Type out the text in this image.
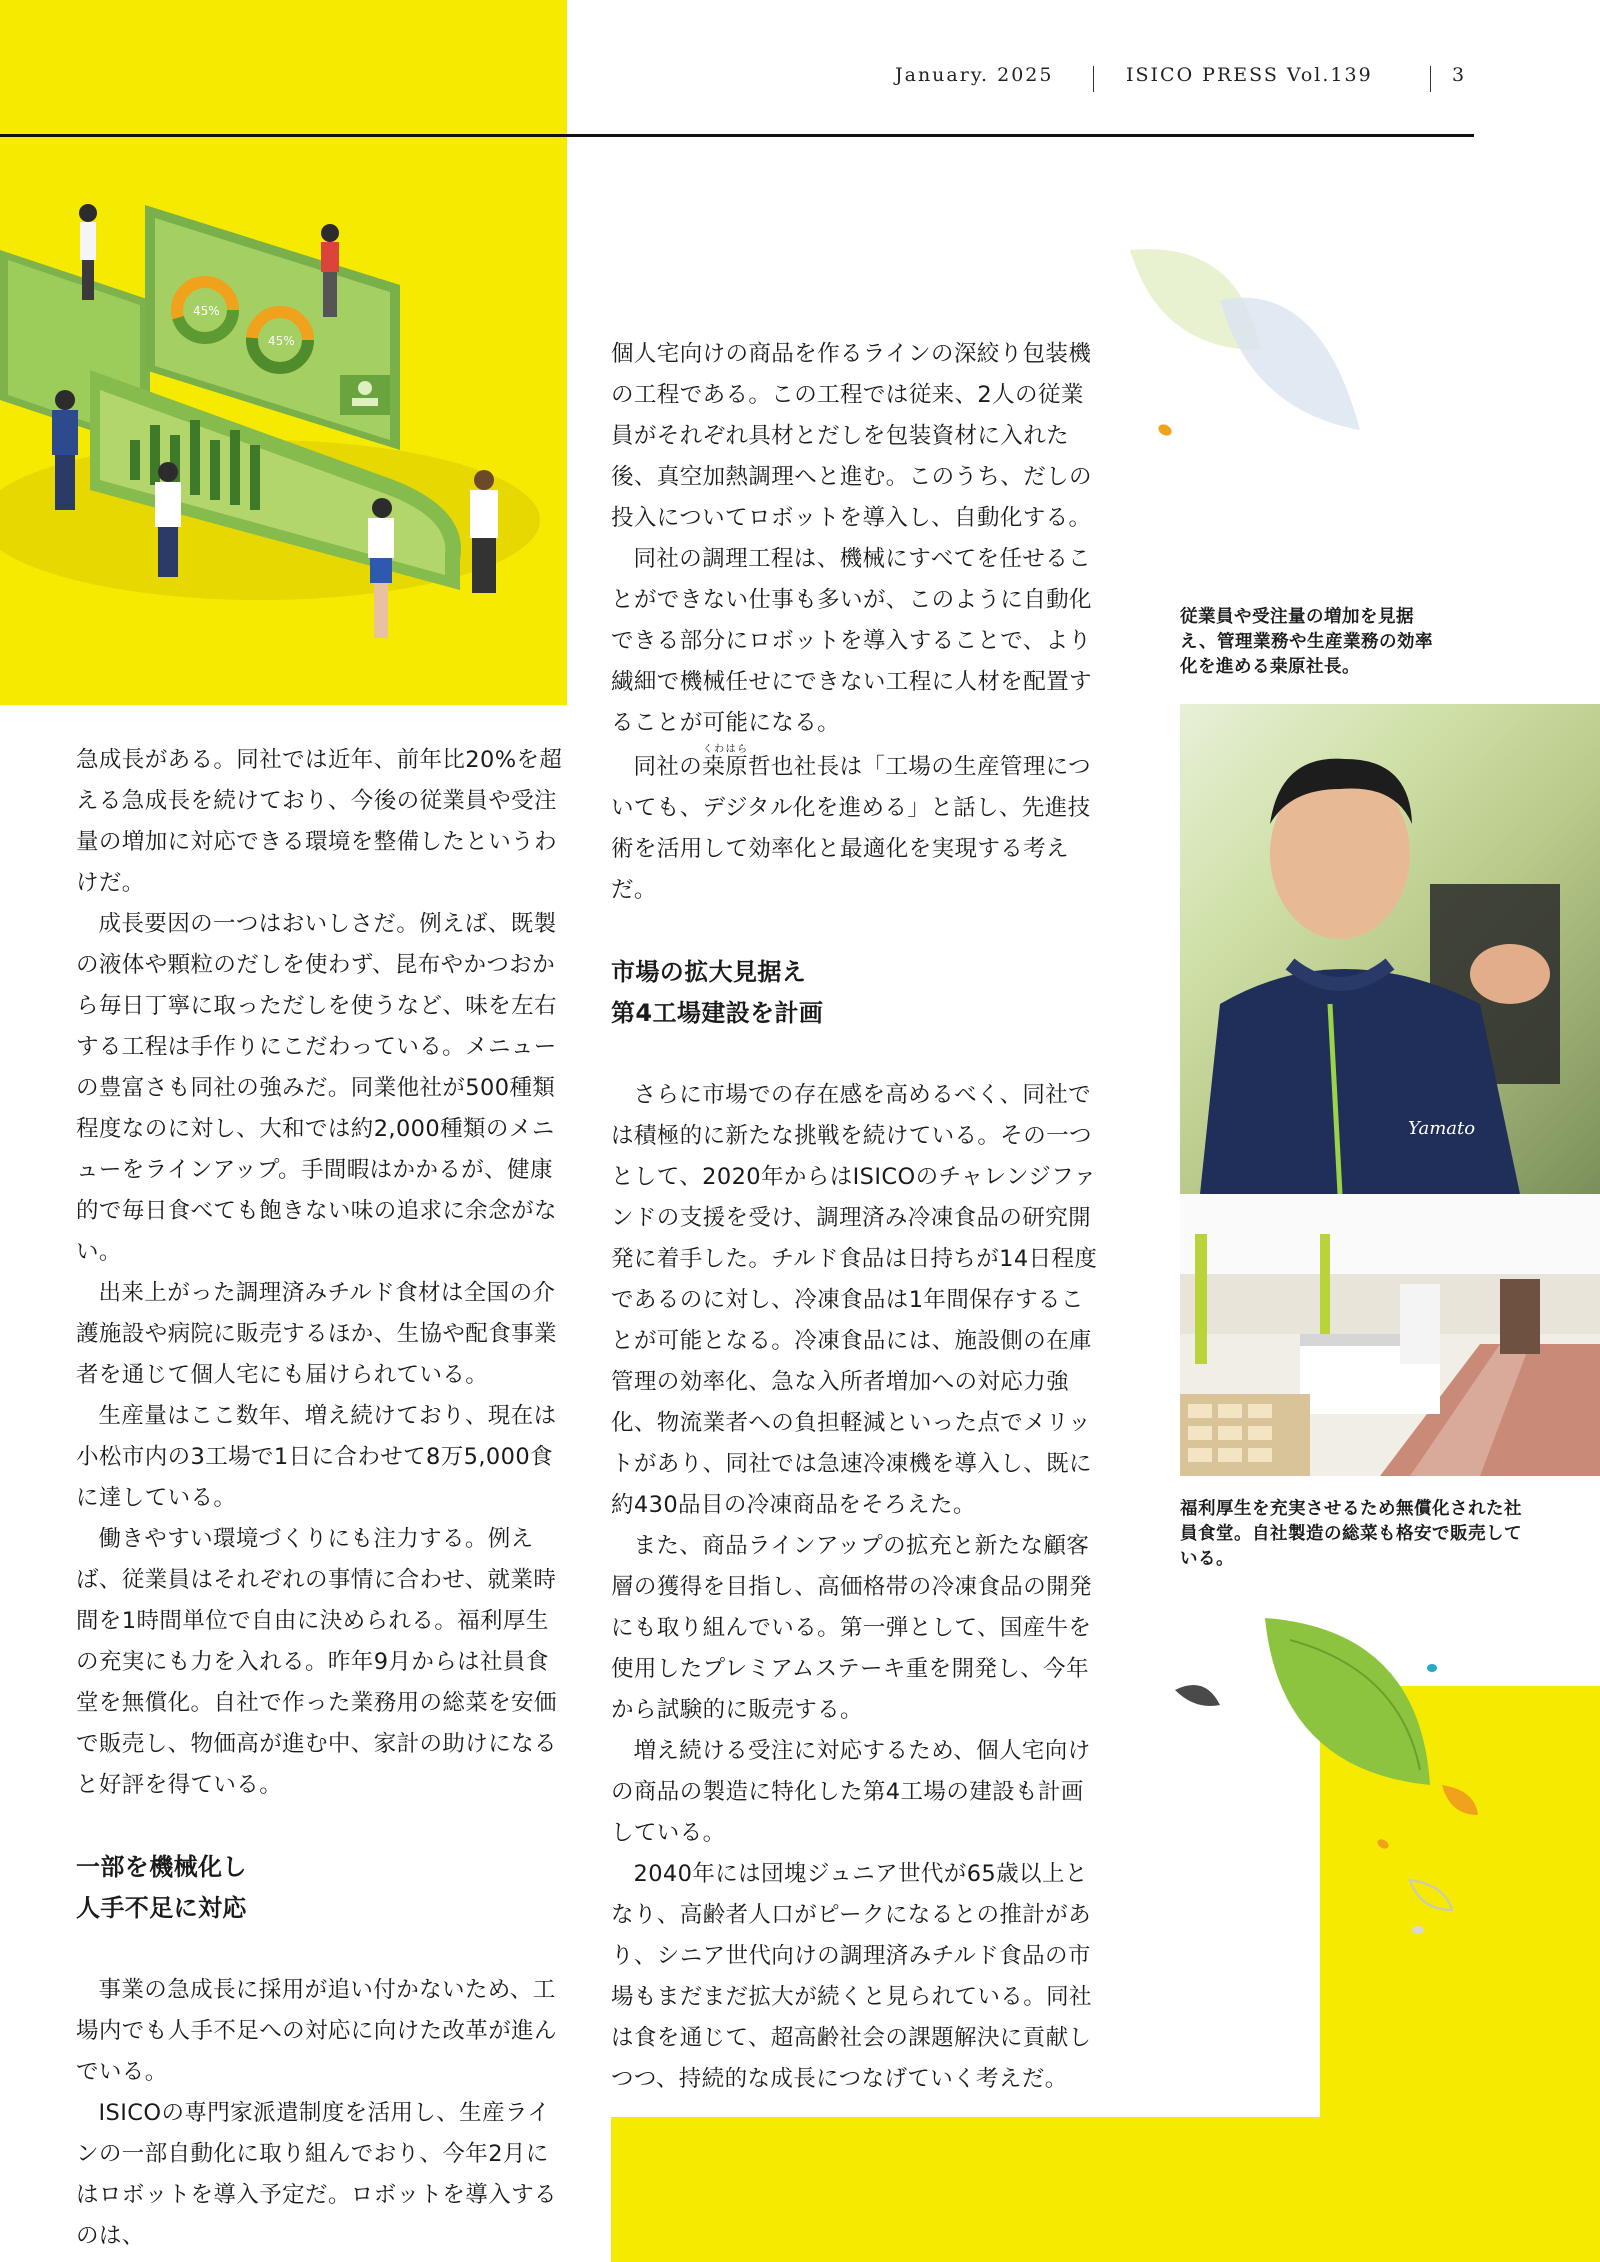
45%
45%
January. 2025	ISICO PRESS Vol.139	3

急成長がある。同社では近年、前年比20%を超える急成長を続けており、今後の従業員や受注量の増加に対応できる環境を整備したというわけだ。

成長要因の一つはおいしさだ。例えば、既製の液体や顆粒のだしを使わず、昆布やかつおから毎日丁寧に取っただしを使うなど、味を左右する工程は手作りにこだわっている。メニューの豊富さも同社の強みだ。同業他社が500種類程度なのに対し、大和では約2,000種類のメニューをラインアップ。手間暇はかかるが、健康的で毎日食べても飽きない味の追求に余念がない。

出来上がった調理済みチルド食材は全国の介護施設や病院に販売するほか、生協や配食事業者を通じて個人宅にも届けられている。

生産量はここ数年、増え続けており、現在は小松市内の3工場で1日に合わせて8万5,000食に達している。

働きやすい環境づくりにも注力する。例えば、従業員はそれぞれの事情に合わせ、就業時間を1時間単位で自由に決められる。福利厚生の充実にも力を入れる。昨年9月からは社員食堂を無償化。自社で作った業務用の総菜を安価で販売し、物価高が進む中、家計の助けになると好評を得ている。

一部を機械化し
人手不足に対応

事業の急成長に採用が追い付かないため、工場内でも人手不足への対応に向けた改革が進んでいる。

ISICOの専門家派遣制度を活用し、生産ラインの一部自動化に取り組んでおり、今年2月にはロボットを導入予定だ。ロボットを導入するのは、

個人宅向けの商品を作るラインの深絞り包装機の工程である。この工程では従来、2人の従業員がそれぞれ具材とだしを包装資材に入れた後、真空加熱調理へと進む。このうち、だしの投入についてロボットを導入し、自動化する。

同社の調理工程は、機械にすべてを任せることができない仕事も多いが、このように自動化できる部分にロボットを導入することで、より繊細で機械任せにできない工程に人材を配置することが可能になる。

同社の桒原くわはら哲也社長は「工場の生産管理についても、デジタル化を進める」と話し、先進技術を活用して効率化と最適化を実現する考えだ。

市場の拡大見据え
第4工場建設を計画

さらに市場での存在感を高めるべく、同社では積極的に新たな挑戦を続けている。その一つとして、2020年からはISICOのチャレンジファンドの支援を受け、調理済み冷凍食品の研究開発に着手した。チルド食品は日持ちが14日程度であるのに対し、冷凍食品は1年間保存することが可能となる。冷凍食品には、施設側の在庫管理の効率化、急な入所者増加への対応力強化、物流業者への負担軽減といった点でメリットがあり、同社では急速冷凍機を導入し、既に約430品目の冷凍商品をそろえた。

また、商品ラインアップの拡充と新たな顧客層の獲得を目指し、高価格帯の冷凍食品の開発にも取り組んでいる。第一弾として、国産牛を使用したプレミアムステーキ重を開発し、今年から試験的に販売する。

増え続ける受注に対応するため、個人宅向けの商品の製造に特化した第4工場の建設も計画している。

2040年には団塊ジュニア世代が65歳以上となり、高齢者人口がピークになるとの推計があり、シニア世代向けの調理済みチルド食品の市場もまだまだ拡大が続くと見られている。同社は食を通じて、超高齢社会の課題解決に貢献しつつ、持続的な成長につなげていく考えだ。

従業員や受注量の増加を見据え、管理業務や生産業務の効率化を進める桒原社長。
Yamato
福利厚生を充実させるため無償化された社員食堂。自社製造の総菜も格安で販売している。
